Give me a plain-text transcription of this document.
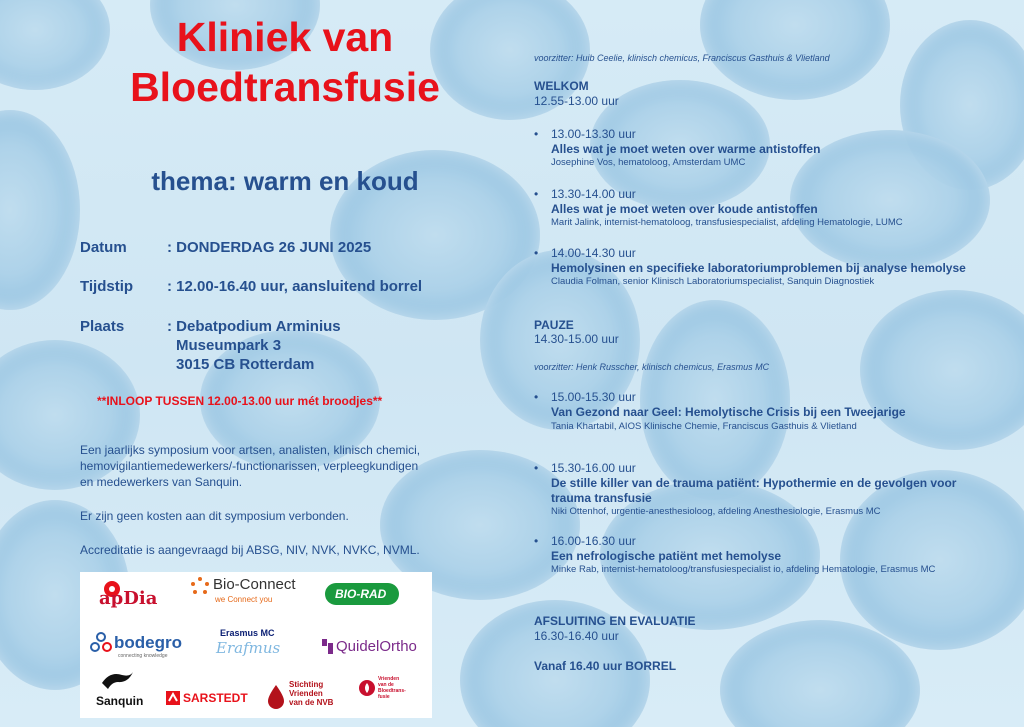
Kliniek van
Bloedtransfusie
thema: warm en koud
Datum	: DONDERDAG 26 JUNI 2025
Tijdstip : 12.00-16.40 uur, aansluitend borrel
Plaats	: Debatpodium Arminius
Museumpark 3
3015 CB Rotterdam
**INLOOP TUSSEN 12.00-13.00 uur mét broodjes**
Een jaarlijks symposium voor artsen, analisten, klinisch chemici,
hemovigilantiemedewerkers/-functionarissen, verpleegkundigen
en medewerkers van Sanquin.
Er zijn geen kosten aan dit symposium verbonden.
Accreditatie is aangevraagd bij ABSG, NIV, NVK, NVKC, NVML.
apDia
Bio-Connect
we Connect you	BIO-RAD
bodegro
connecting knowledge
Erasmus MC
Erafmus	QuidelOrtho
Sanquin	SARSTEDT
Stichting
Vrienden
van de NVB
Vrienden
van de
Bloedtrans-
fusie
voorzitter: Huib Ceelie, klinisch chemicus, Franciscus Gasthuis & Vlietland
WELKOM
12.55-13.00 uur
• 13.00-13.30 uur
Alles wat je moet weten over warme antistoffen
Josephine Vos, hematoloog, Amsterdam UMC
• 13.30-14.00 uur
Alles wat je moet weten over koude antistoffen
Marit Jalink, internist-hematoloog, transfusiespecialist, afdeling Hematologie, LUMC
• 14.00-14.30 uur
Hemolysinen en specifieke laboratoriumproblemen bij analyse hemolyse
Claudia Folman, senior Klinisch Laboratoriumspecialist, Sanquin Diagnostiek
PAUZE
14.30-15.00 uur
voorzitter: Henk Russcher, klinisch chemicus, Erasmus MC
• 15.00-15.30 uur
Van Gezond naar Geel: Hemolytische Crisis bij een Tweejarige
Tania Khartabil, AIOS Klinische Chemie, Franciscus Gasthuis & Vlietland
• 15.30-16.00 uur
De stille killer van de trauma patiënt: Hypothermie en de gevolgen voor trauma transfusie
Niki Ottenhof, urgentie-anesthesioloog, afdeling Anesthesiologie, Erasmus MC
• 16.00-16.30 uur
Een nefrologische patiënt met hemolyse
Minke Rab, internist-hematoloog/transfusiespecialist io, afdeling Hematologie, Erasmus MC
AFSLUITING EN EVALUATIE
16.30-16.40 uur
Vanaf 16.40 uur BORREL
